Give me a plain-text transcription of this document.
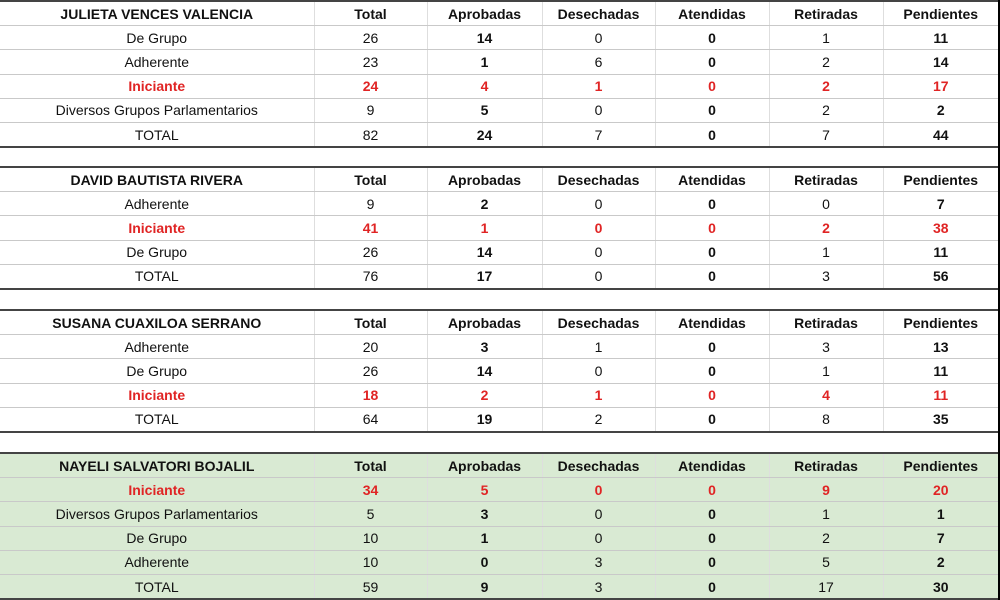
JULIETA VENCES VALENCIA	Total	Aprobadas	Desechadas	Atendidas	Retiradas	Pendientes
De Grupo	26	14	0	0	1	11
Adherente	23	1	6	0	2	14
Iniciante	24	4	1	0	2	17
Diversos Grupos Parlamentarios	9	5	0	0	2	2
TOTAL	82	24	7	0	7	44
DAVID BAUTISTA RIVERA	Total	Aprobadas	Desechadas	Atendidas	Retiradas	Pendientes
Adherente	9	2	0	0	0	7
Iniciante	41	1	0	0	2	38
De Grupo	26	14	0	0	1	11
TOTAL	76	17	0	0	3	56
SUSANA CUAXILOA SERRANO	Total	Aprobadas	Desechadas	Atendidas	Retiradas	Pendientes
Adherente	20	3	1	0	3	13
De Grupo	26	14	0	0	1	11
Iniciante	18	2	1	0	4	11
TOTAL	64	19	2	0	8	35
NAYELI SALVATORI BOJALIL	Total	Aprobadas	Desechadas	Atendidas	Retiradas	Pendientes
Iniciante	34	5	0	0	9	20
Diversos Grupos Parlamentarios	5	3	0	0	1	1
De Grupo	10	1	0	0	2	7
Adherente	10	0	3	0	5	2
TOTAL	59	9	3	0	17	30
